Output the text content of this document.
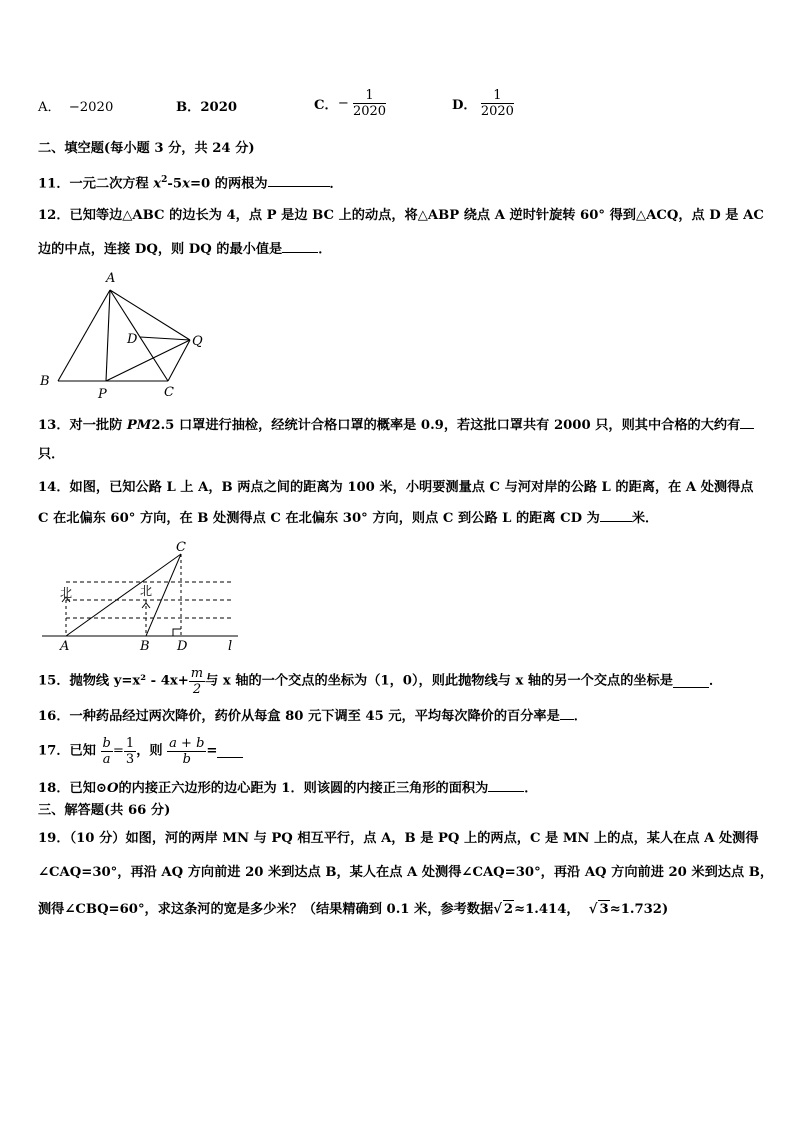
A． −2020	B．2020	C．− $\frac{1}{2020}$	D． $\frac{1}{2020}$
二、填空题(每小题 3 分，共 24 分)
11．一元二次方程 $x^2-5x=0$ 的两根为	．
12．已知等边△ABC 的边长为 4，点 P 是边 BC 上的动点，将△ABP 绕点 A 逆时针旋转 60° 得到△ACQ，点 D 是 AC
边的中点，连接 DQ，则 DQ 的最小值是	．
A
B
C
D
P
Q
13．对一批防 PM2.5 口罩进行抽检，经统计合格口罩的概率是 0.9，若这批口罩共有 2000 只，则其中合格的大约有
只．
14．如图，已知公路 L 上 A，B 两点之间的距离为 100 米，小明要测量点 C 与河对岸的公路 L 的距离，在 A 处测得点
C 在北偏东 60° 方向，在 B 处测得点 C 在北偏东 30° 方向，则点 C 到公路 L 的距离 CD 为 米．
北	北
C
A	B D	l
15．抛物线 $y=x^2 - 4x+ \frac{m}{2}$ 与 x 轴的一个交点的坐标为（1，0），则此抛物线与 x 轴的另一个交点的坐标是	．
16．一种药品经过两次降价，药价从每盒 80 元下调至 45 元，平均每次降价的百分率是 ．
17．已知 $\frac{b}{a} = \frac{1}{3}$ ，则 $\frac{a + b}{b}$ =
18．已知⊙O的内接正六边形的边心距为 1．则该圆的内接正三角形的面积为	．
三、解答题(共 66 分)
19．（10 分）如图，河的两岸 MN 与 PQ 相互平行，点 A，B 是 PQ 上的两点，C 是 MN 上的点，某人在点 A 处测得
∠CAQ=30°，再沿 AQ 方向前进 20 米到达点 B，某人在点 A 处测得∠CAQ=30°，再沿 AQ 方向前进 20 米到达点 B，
测得∠CBQ=60°，求这条河的宽是多少米？（结果精确到 0.1 米，参考数据√ 2≈1.414，  √ 3≈1.732)
